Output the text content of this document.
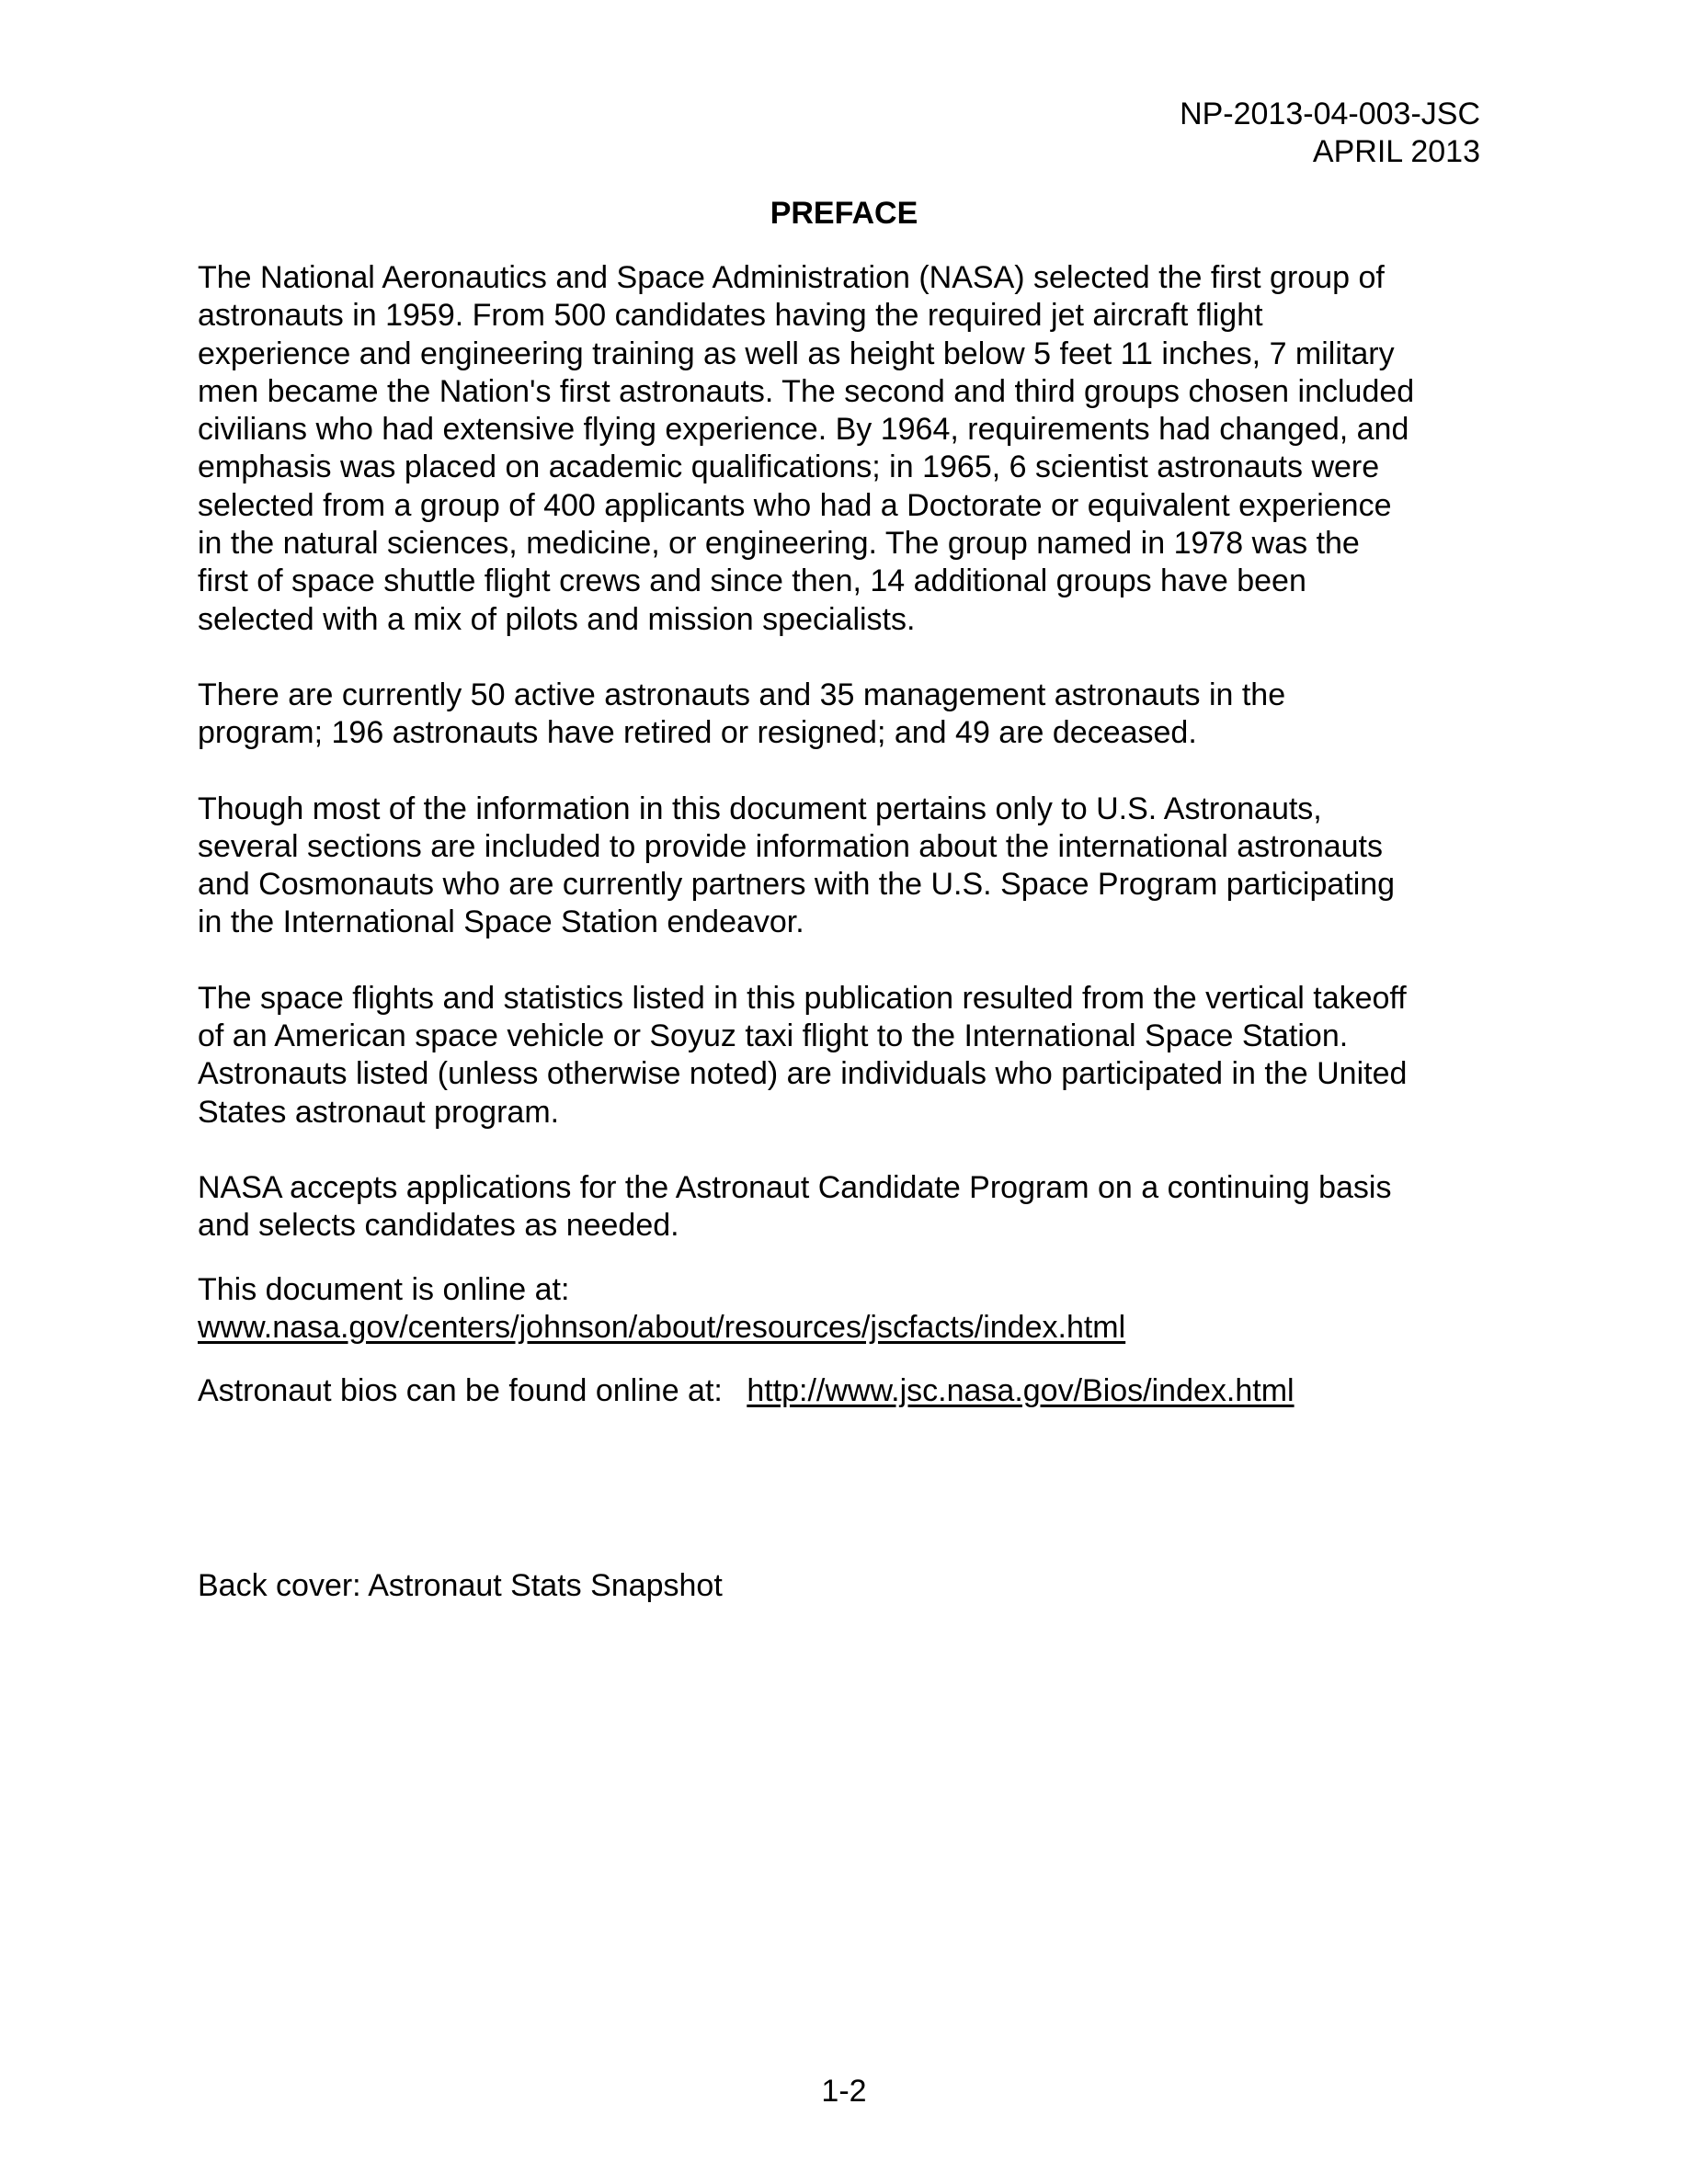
NP-2013-04-003-JSC
APRIL 2013
PREFACE

The National Aeronautics and Space Administration (NASA) selected the first group of
astronauts in 1959. From 500 candidates having the required jet aircraft flight
experience and engineering training as well as height below 5 feet 11 inches, 7 military
men became the Nation's first astronauts. The second and third groups chosen included
civilians who had extensive flying experience. By 1964, requirements had changed, and
emphasis was placed on academic qualifications; in 1965, 6 scientist astronauts were
selected from a group of 400 applicants who had a Doctorate or equivalent experience
in the natural sciences, medicine, or engineering. The group named in 1978 was the
first of space shuttle flight crews and since then, 14 additional groups have been
selected with a mix of pilots and mission specialists.

There are currently 50 active astronauts and 35 management astronauts in the
program; 196 astronauts have retired or resigned; and 49 are deceased.

Though most of the information in this document pertains only to U.S. Astronauts,
several sections are included to provide information about the international astronauts
and Cosmonauts who are currently partners with the U.S. Space Program participating
in the International Space Station endeavor.

The space flights and statistics listed in this publication resulted from the vertical takeoff
of an American space vehicle or Soyuz taxi flight to the International Space Station.
Astronauts listed (unless otherwise noted) are individuals who participated in the United
States astronaut program.

NASA accepts applications for the Astronaut Candidate Program on a continuing basis
and selects candidates as needed.

This document is online at:
www.nasa.gov/centers/johnson/about/resources/jscfacts/index.html
Astronaut bios can be found online at: http://www.jsc.nasa.gov/Bios/index.html
Back cover: Astronaut Stats Snapshot
1-2
